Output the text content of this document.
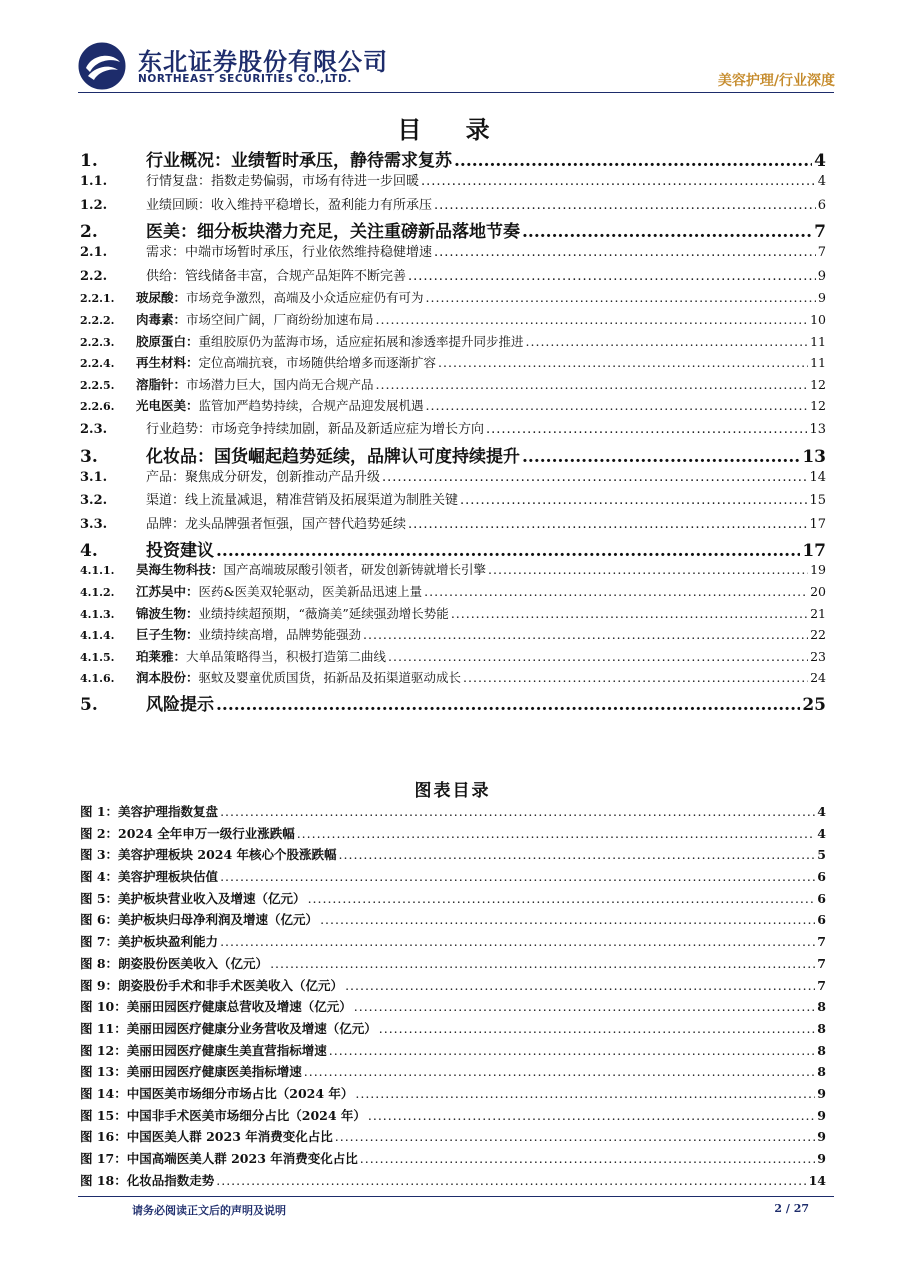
东北证券股份有限公司
NORTHEAST SECURITIES CO.,LTD.	美容护理/行业深度
目 录
1.	行业概况：业绩暂时承压，静待需求复苏 .....	4
1.1.	行情复盘：指数走势偏弱，市场有待进一步回暖 .....	4
1.2.	业绩回顾：收入维持平稳增长，盈利能力有所承压 .....	6
2.	医美：细分板块潜力充足，关注重磅新品落地节奏 .....	7
2.1.	需求：中端市场暂时承压，行业依然维持稳健增速 .....	7
2.2.	供给：管线储备丰富，合规产品矩阵不断完善 .....	9
2.2.1.	玻尿酸：市场竞争激烈，高端及小众适应症仍有可为 .....	9
2.2.2.	肉毒素：市场空间广阔，厂商纷纷加速布局 .....	10
2.2.3.	胶原蛋白：重组胶原仍为蓝海市场，适应症拓展和渗透率提升同步推进 .....	11
2.2.4.	再生材料：定位高端抗衰，市场随供给增多而逐渐扩容 .....	11
2.2.5.	溶脂针：市场潜力巨大，国内尚无合规产品 .....	12
2.2.6.	光电医美：监管加严趋势持续，合规产品迎发展机遇 .....	12
2.3.	行业趋势：市场竞争持续加剧，新品及新适应症为增长方向 .....	13
3.	化妆品：国货崛起趋势延续，品牌认可度持续提升 .....	13
3.1.	产品：聚焦成分研发，创新推动产品升级 .....	14
3.2.	渠道：线上流量减退，精准营销及拓展渠道为制胜关键 .....	15
3.3.	品牌：龙头品牌强者恒强，国产替代趋势延续 .....	17
4.	投资建议 .....	17
4.1.1.	昊海生物科技：国产高端玻尿酸引领者，研发创新铸就增长引擎 .....	19
4.1.2.	江苏吴中：医药&医美双轮驱动，医美新品迅速上量 .....	20
4.1.3.	锦波生物：业绩持续超预期，“薇旖美”延续强劲增长势能 .....	21
4.1.4.	巨子生物：业绩持续高增，品牌势能强劲 .....	22
4.1.5.	珀莱雅：大单品策略得当，积极打造第二曲线 .....	23
4.1.6.	润本股份：驱蚊及婴童优质国货，拓新品及拓渠道驱动成长 .....	24
5.	风险提示 .....	25
图表目录
图 1：美容护理指数复盘 .....	4
图 2：2024 全年申万一级行业涨跌幅 .....	4
图 3：美容护理板块 2024 年核心个股涨跌幅 .....	5
图 4：美容护理板块估值 .....	6
图 5：美护板块营业收入及增速（亿元） .....	6
图 6：美护板块归母净利润及增速（亿元） .....	6
图 7：美护板块盈利能力 .....	7
图 8：朗姿股份医美收入（亿元） .....	7
图 9：朗姿股份手术和非手术医美收入（亿元） .....	7
图 10：美丽田园医疗健康总营收及增速（亿元） .....	8
图 11：美丽田园医疗健康分业务营收及增速（亿元） .....	8
图 12：美丽田园医疗健康生美直营指标增速 .....	8
图 13：美丽田园医疗健康医美指标增速 .....	8
图 14：中国医美市场细分市场占比（2024 年） .....	9
图 15：中国非手术医美市场细分占比（2024 年） .....	9
图 16：中国医美人群 2023 年消费变化占比 .....	9
图 17：中国高端医美人群 2023 年消费变化占比 .....	9
图 18：化妆品指数走势 .....	14
请务必阅读正文后的声明及说明	2 / 27
